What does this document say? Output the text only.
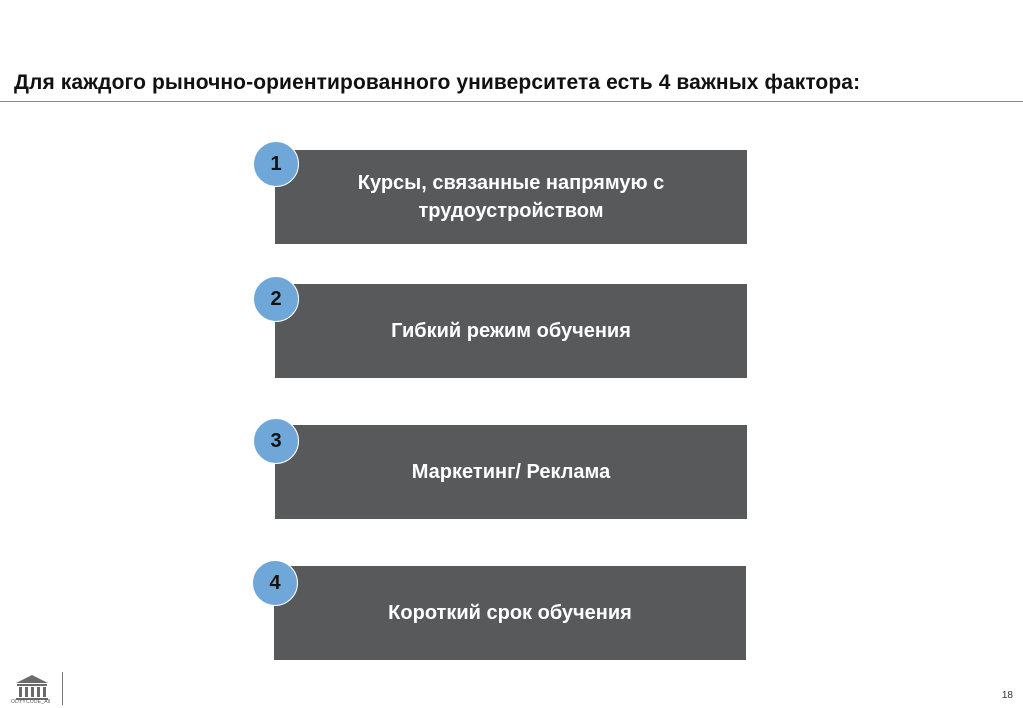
Для каждого рыночно-ориентированного университета есть 4 важных фактора:
Курсы, связанные напрямую с трудоустройством
1
Гибкий режим обучения
2
Маркетинг/ Реклама
3
Короткий срок обучения
4
ODYYCODE_All
18
